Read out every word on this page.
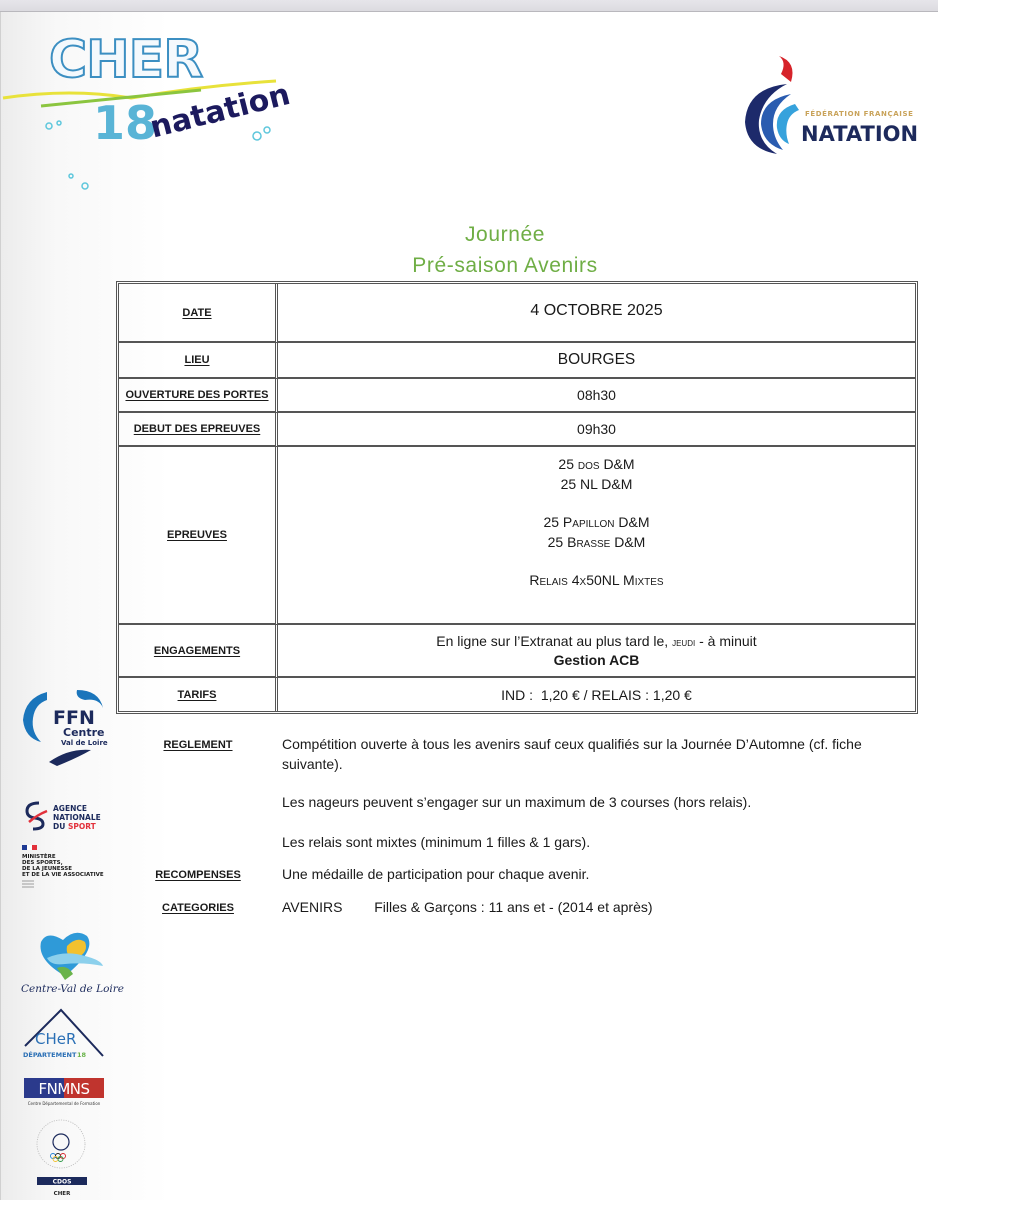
CHER
18
natation	FÉDÉRATION FRANÇAISE
NATATION
Journée
Pré-saison Avenirs
DATE	4 OCTOBRE 2025
LIEU	BOURGES
OUVERTURE DES PORTES	08h30
DEBUT DES EPREUVES	09h30
EPREUVES	25 dos D&M
25 NL D&M
25 Papillon D&M
25 Brasse D&M
Relais 4x50NL Mixtes

ENGAGEMENTS	En ligne sur l’Extranat au plus tard le, jeudi - à minuit
Gestion ACB

TARIFS	IND :  1,20 € / RELAIS : 1,20 €
REGLEMENT	Compétition ouverte à tous les avenirs sauf ceux qualifiés sur la Journée D’Automne (cf. fiche suivante).
Les nageurs peuvent s’engager sur un maximum de 3 courses (hors relais).
Les relais sont mixtes (minimum 1 filles & 1 gars).
RECOMPENSES	Une médaille de participation pour chaque avenir.
CATEGORIES	AVENIRS Filles & Garçons : 11 ans et - (2014 et après)
FFN
Centre
Val de Loire
AGENCE
NATIONALE
DU SPORT
MINISTÈRE
DES SPORTS,
DE LA JEUNESSE
ET DE LA VIE ASSOCIATIVE
Centre-Val de Loire
CHeR
DÉPARTEMENT 18
FNMNS
Centre Départemental de Formation
CDOS
CHER
